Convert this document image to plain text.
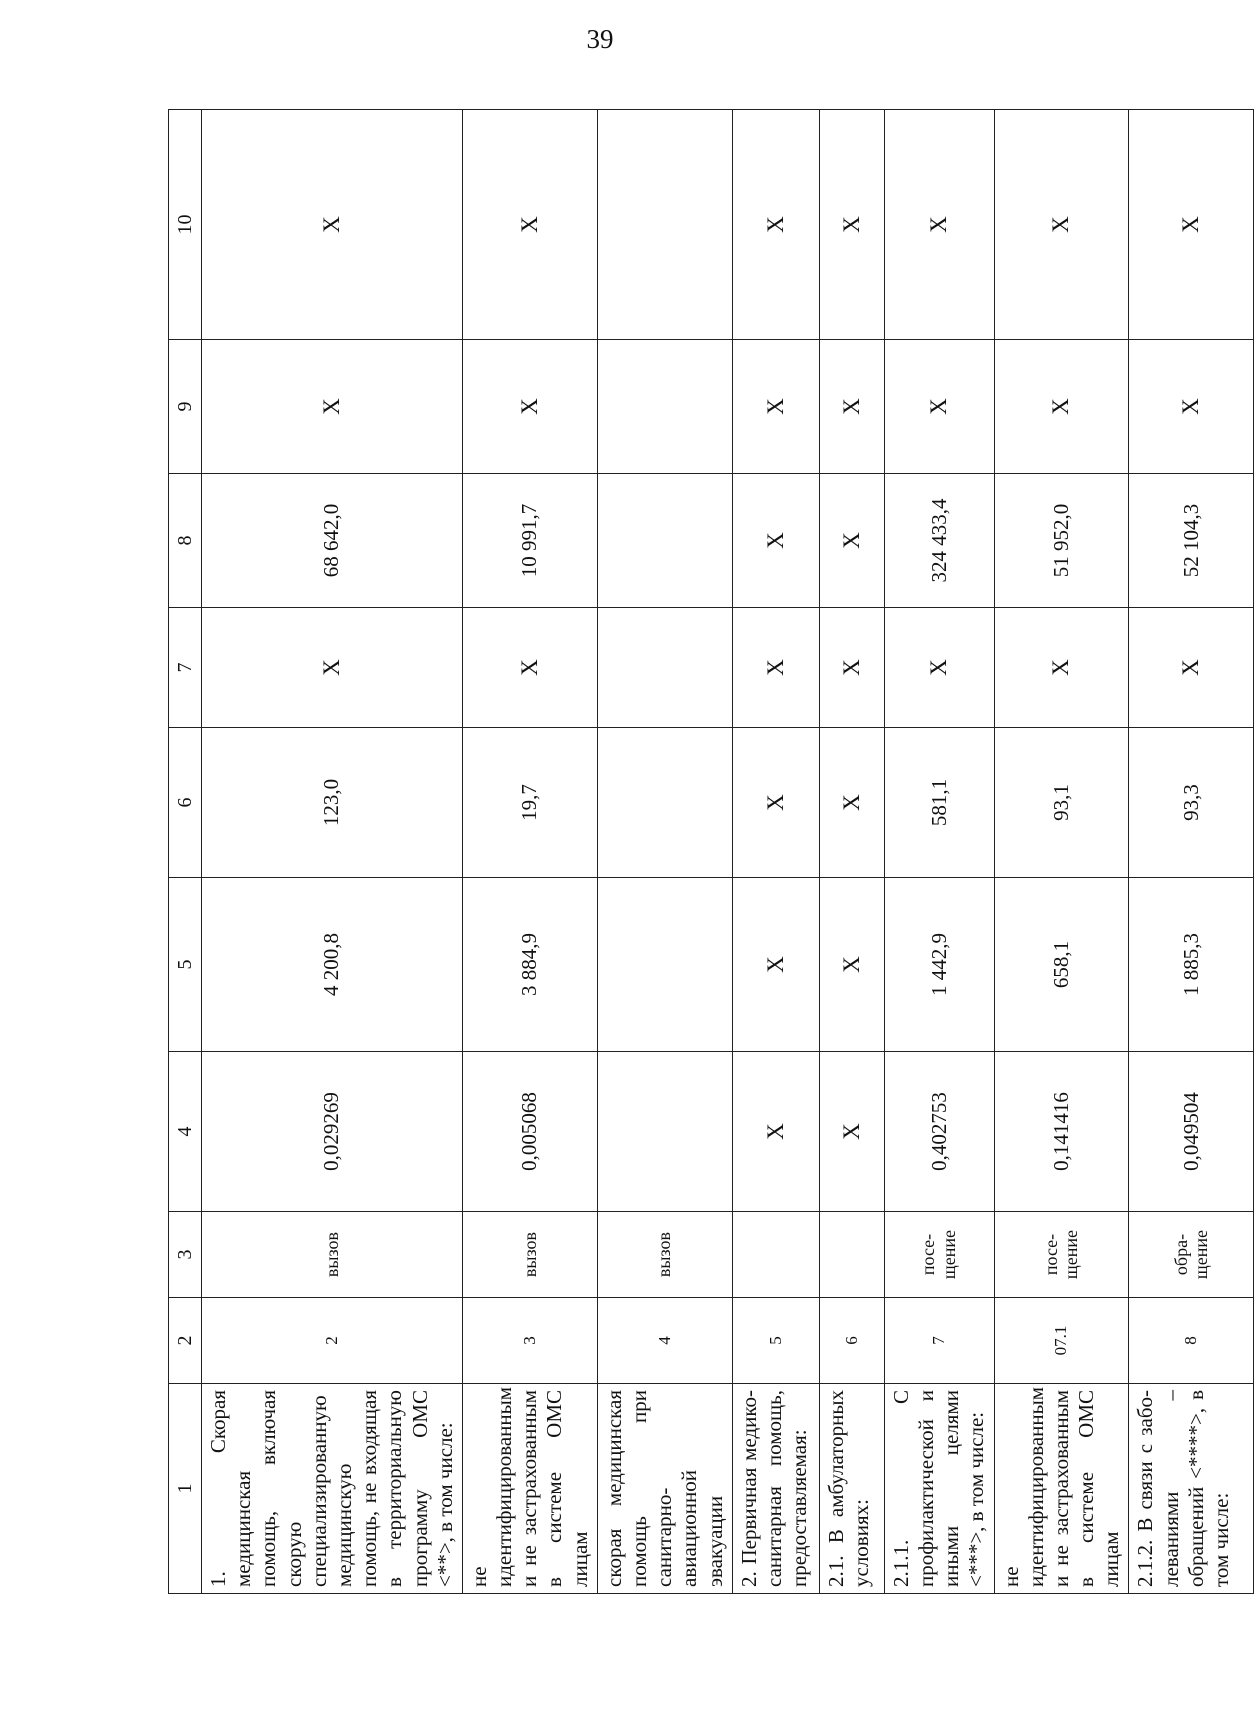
39
1	2	3	4	5	6	7	8	9	10
1. Скорая медицинская помощь, включая скорую специализированную медицинскую помощь, не входящая в территориальную программу ОМС <**>, в том числе:	2	вызов	0,029269	4 200,8	123,0	X	68 642,0	X	X
не идентифицированным и не застрахованным в системе ОМС лицам	3	вызов	0,005068	3 884,9	19,7	X	10 991,7	X	X
скорая медицинская помощь при санитарно-авиационной эвакуации	4	вызов							
2. Первичная медико-санитарная помощь, предоставляемая:	5		X	X	X	X	X	X	X
2.1. В амбулаторных условиях:	6		X	X	X	X	X	X	X
2.1.1. С профилактической и иными целями <***>, в том числе:	7	посе-щение	0,402753	1 442,9	581,1	X	324 433,4	X	X
не идентифицированным и не застрахованным в системе ОМС лицам	07.1	посе-щение	0,141416	658,1	93,1	X	51 952,0	X	X
2.1.2. В связи с забо-леваниями – обращений <****>, в том числе:	8	обра-щение	0,049504	1 885,3	93,3	X	52 104,3	X	X
